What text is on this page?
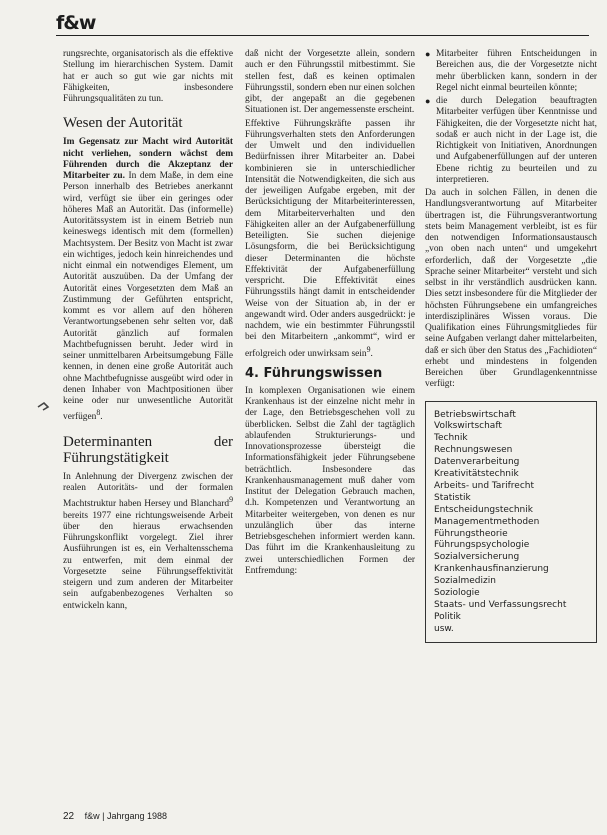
f&w

rungsrechte, organisatorisch als die effektive Stellung im hierarchischen System. Damit hat er auch so gut wie gar nichts mit Fähigkeiten, insbesondere Führungsqualitäten zu tun.

Wesen der Autorität

Im Gegensatz zur Macht wird Autorität nicht verliehen, sondern wächst dem Führenden durch die Akzeptanz der Mitarbeiter zu. In dem Maße, in dem eine Person innerhalb des Betriebes anerkannt wird, verfügt sie über ein geringes oder höheres Maß an Autorität. Das (informelle) Autoritätssystem ist in einem Betrieb nun keineswegs identisch mit dem (formellen) Machtsystem. Der Besitz von Macht ist zwar ein wichtiges, jedoch kein hinreichendes und nicht einmal ein notwendiges Element, um Autorität auszuüben. Da der Umfang der Autorität eines Vorgesetzten dem Maß an Zustimmung der Geführten entspricht, kommt es vor allem auf den höheren Verantwortungsebenen sehr selten vor, daß Autorität gänzlich auf formalen Machtbefugnissen beruht. Jeder wird in seiner unmittelbaren Arbeitsumgebung Fälle kennen, in denen eine große Autorität auch ohne Machtbefugnisse ausgeübt wird oder in denen Inhaber von Machtpositionen über keine oder nur unwesentliche Autorität verfügen$^8$.

Determinanten der Führungstätigkeit

In Anlehnung der Divergenz zwischen der realen Autoritäts- und der formalen Machtstruktur haben Hersey und Blanchard$^9$ bereits 1977 eine richtungsweisende Arbeit über den hieraus erwachsenden Führungskonflikt vorgelegt. Ziel ihrer Ausführungen ist es, ein Verhaltensschema zu entwerfen, mit dem einmal der Vorgesetzte seine Führungseffektivität steigern und zum anderen der Mitarbeiter sein aufgabenbezogenes Verhalten so entwickeln kann,

daß nicht der Vorgesetzte allein, sondern auch er den Führungsstil mitbestimmt. Sie stellen fest, daß es keinen optimalen Führungsstil, sondern eben nur einen solchen gibt, der angepaßt an die gegebenen Situationen ist. Der angemessenste erscheint.

Effektive Führungskräfte passen ihr Führungsverhalten stets den Anforderungen der Umwelt und den individuellen Bedürfnissen ihrer Mitarbeiter an. Dabei kombinieren sie in unterschiedlicher Intensität die Notwendigkeiten, die sich aus der jeweiligen Aufgabe ergeben, mit der Berücksichtigung der Mitarbeiterinteressen, dem Mitarbeiterverhalten und den Fähigkeiten aller an der Aufgabenerfüllung Beteiligten. Sie suchen diejenige Lösungsform, die bei Berücksichtigung dieser Determinanten die höchste Effektivität der Aufgabenerfüllung verspricht. Die Effektivität eines Führungsstils hängt damit in entscheidender Weise von der Situation ab, in der er angewandt wird. Oder anders ausgedrückt: je nachdem, wie ein bestimmter Führungsstil bei den Mitarbeitern „ankommt“, wird er erfolgreich oder unwirksam sein$^9$.

4. Führungswissen

In komplexen Organisationen wie einem Krankenhaus ist der einzelne nicht mehr in der Lage, den Betriebsgeschehen voll zu überblicken. Selbst die Zahl der tagtäglich ablaufenden Strukturierungs- und Innovationsprozesse übersteigt die Informationsfähigkeit jeder Führungsebene beträchtlich. Insbesondere das Krankenhausmanagement muß daher vom Institut der Delegation Gebrauch machen, d.h. Kompetenzen und Verantwortung an Mitarbeiter weitergeben, von denen es nur unzulänglich über das interne Betriebsgeschehen informiert werden kann. Das führt im die Krankenhausleitung zu zwei unterschiedlichen Formen der Entfremdung:

● Mitarbeiter führen Entscheidungen in Bereichen aus, die der Vorgesetzte nicht mehr überblicken kann, sondern in der Regel nicht einmal beurteilen könnte;
● die durch Delegation beauftragten Mitarbeiter verfügen über Kenntnisse und Fähigkeiten, die der Vorgesetzte nicht hat, sodaß er auch nicht in der Lage ist, die Richtigkeit von Initiativen, Anordnungen und Aufgabenerfüllungen auf der unteren Ebene richtig zu beurteilen und zu interpretieren.

Da auch in solchen Fällen, in denen die Handlungsverantwortung auf Mitarbeiter übertragen ist, die Führungsverantwortung stets beim Management verbleibt, ist es für den notwendigen Informationsaustausch „von oben nach unten“ und umgekehrt erforderlich, daß der Vorgesetzte „die Sprache seiner Mitarbeiter“ versteht und sich selbst in ihr verständlich ausdrücken kann. Dies setzt insbesondere für die Mitglieder der höchsten Führungsebene ein umfangreiches interdisziplinäres Wissen voraus. Die Qualifikation eines Führungsmitgliedes für seine Aufgaben verlangt daher mittelarbeiten, daß er sich über den Status des „Fachidioten“ erhebt und mindestens in folgenden Bereichen über Grundlagenkenntnisse verfügt:

Betriebswirtschaft
Volkswirtschaft
Technik
Rechnungswesen
Datenverarbeitung
Kreativitätstechnik
Arbeits- und Tarifrecht
Statistik
Entscheidungstechnik
Managementmethoden
Führungstheorie
Führungspsychologie
Sozialversicherung
Krankenhausfinanzierung
Sozialmedizin
Soziologie
Staats- und Verfassungsrecht
Politik
usw.
22 f&w | Jahrgang 1988
